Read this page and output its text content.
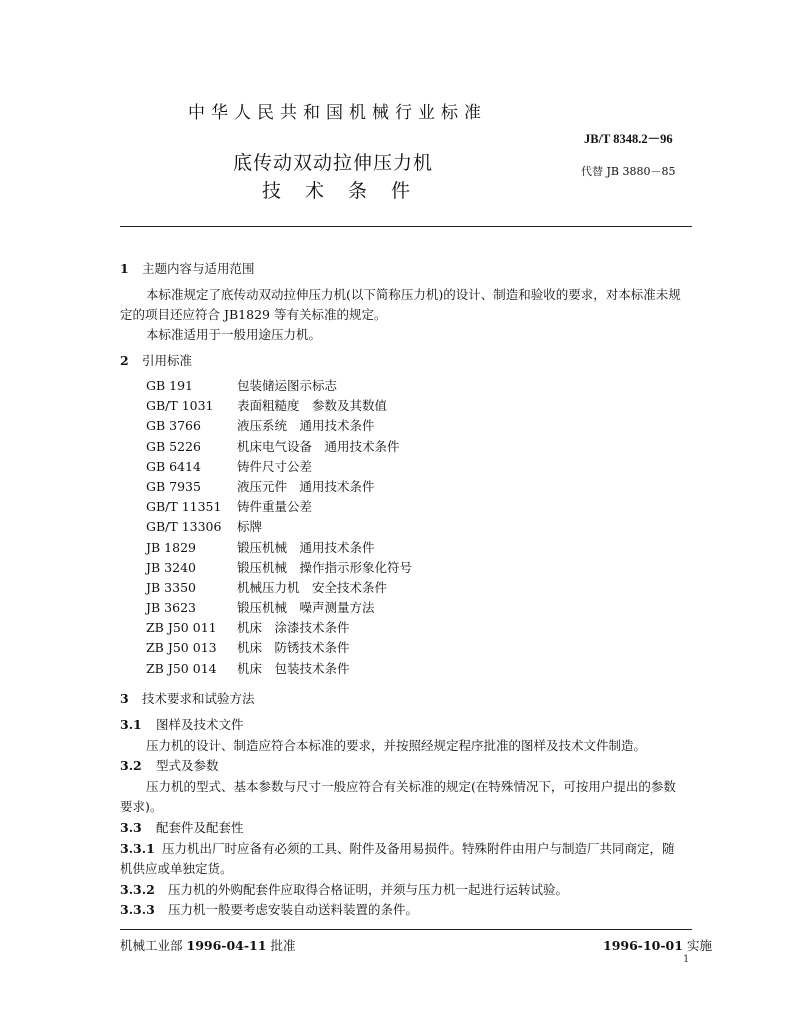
中华人民共和国机械行业标准
JB/T 8348.2－96
底传动双动拉伸压力机
技术条件
代替 JB 3880－85
1 主题内容与适用范围
本标准规定了底传动双动拉伸压力机(以下简称压力机)的设计、制造和验收的要求，对本标准未规
定的项目还应符合 JB1829 等有关标准的规定。
本标准适用于一般用途压力机。
2 引用标准
GB 191	包装储运图示标志
GB/T 1031 表面粗糙度　参数及其数值
GB 3766	液压系统　通用技术条件
GB 5226	机床电气设备　通用技术条件
GB 6414	铸件尺寸公差
GB 7935	液压元件　通用技术条件
GB/T 11351 铸件重量公差
GB/T 13306 标牌
JB 1829	锻压机械　通用技术条件
JB 3240	锻压机械　操作指示形象化符号
JB 3350	机械压力机　安全技术条件
JB 3623	锻压机械　噪声测量方法
ZB J50 011 机床　涂漆技术条件
ZB J50 013 机床　防锈技术条件
ZB J50 014 机床　包装技术条件
3 技术要求和试验方法
3.1 图样及技术文件
压力机的设计、制造应符合本标准的要求，并按照经规定程序批准的图样及技术文件制造。
3.2 型式及参数
压力机的型式、基本参数与尺寸一般应符合有关标准的规定(在特殊情况下，可按用户提出的参数
要求)。
3.3 配套件及配套性
3.3.1 压力机出厂时应备有必须的工具、附件及备用易损件。特殊附件由用户与制造厂共同商定，随
机供应或单独定货。
3.3.2 压力机的外购配套件应取得合格证明，并须与压力机一起进行运转试验。
3.3.3 压力机一般要考虑安装自动送料装置的条件。
机械工业部 1996-04-11 批准	1996-10-01 实施
1
